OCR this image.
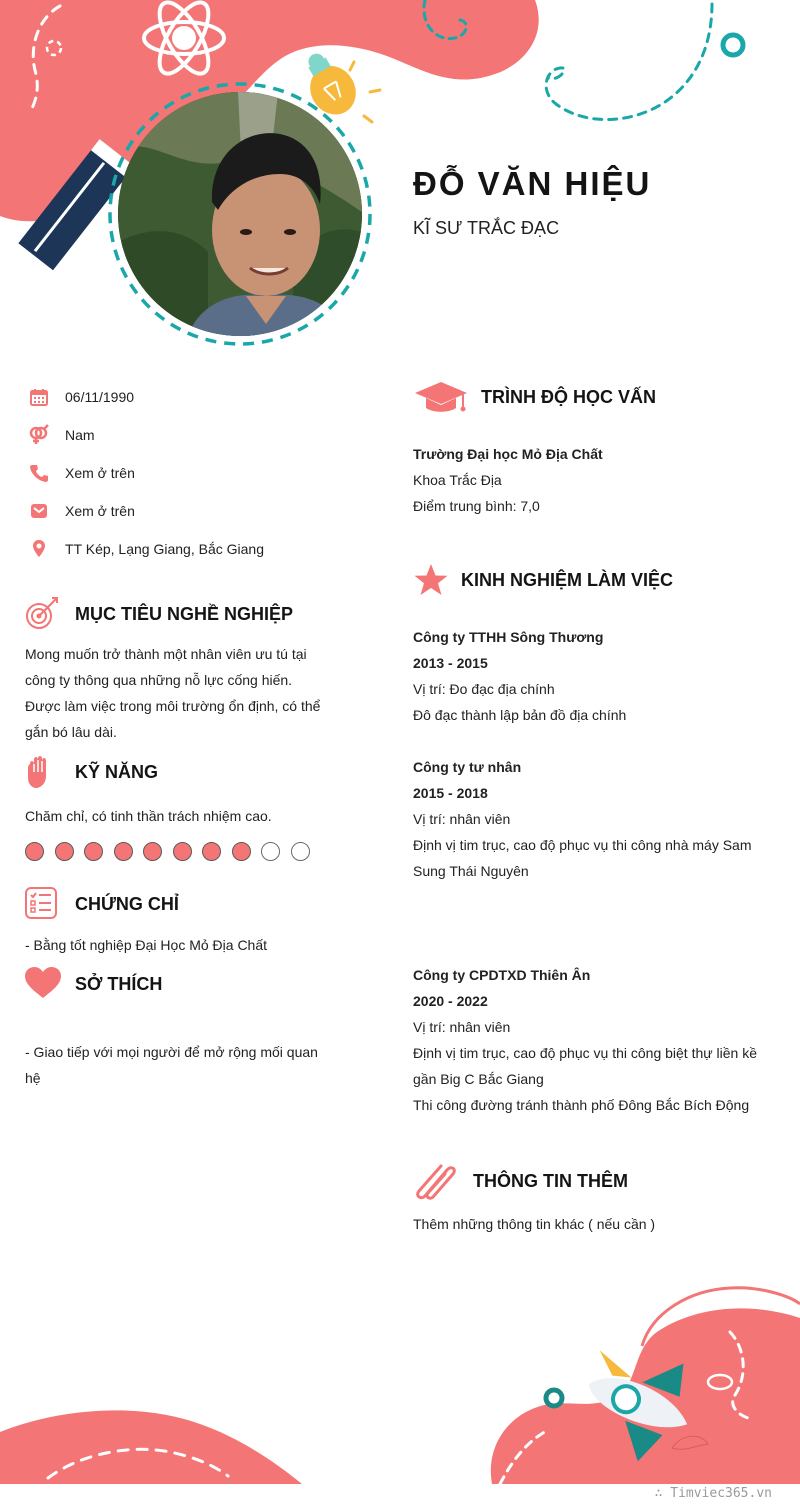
ĐỖ VĂN HIỆU
KĨ SƯ TRẮC ĐẠC
06/11/1990
Nam
Xem ở trên
Xem ở trên
TT Kép, Lạng Giang, Bắc Giang
MỤC TIÊU NGHỀ NGHIỆP
Mong muốn trở thành một nhân viên ưu tú tại
công ty thông qua những nỗ lực cống hiến.
Được làm việc trong môi trường ổn định, có thể
gắn bó lâu dài.
KỸ NĂNG
Chăm chỉ, có tinh thần trách nhiệm cao.
CHỨNG CHỈ
- Bằng tốt nghiệp Đại Học Mỏ Địa Chất
SỞ THÍCH
- Giao tiếp với mọi người để mở rộng mối quan
hệ
TRÌNH ĐỘ HỌC VẤN
Trường Đại học Mỏ Địa Chất
Khoa Trắc Địa
Điểm trung bình: 7,0
KINH NGHIỆM LÀM VIỆC
Công ty TTHH Sông Thương
2013 - 2015
Vị trí: Đo đạc địa chính
Đô đạc thành lập bản đồ địa chính
Công ty tư nhân
2015 - 2018
Vị trí: nhân viên
Định vị tim trục, cao độ phục vụ thi công nhà máy Sam
Sung Thái Nguyên
Công ty CPDTXD Thiên Ân
2020 - 2022
Vị trí: nhân viên
Định vị tim trục, cao độ phục vụ thi công biệt thự liền kề
gần Big C Bắc Giang
Thi công đường tránh thành phố Đông Bắc Bích Động
THÔNG TIN THÊM
Thêm những thông tin khác ( nếu cần )
∴ Timviec365.vn
